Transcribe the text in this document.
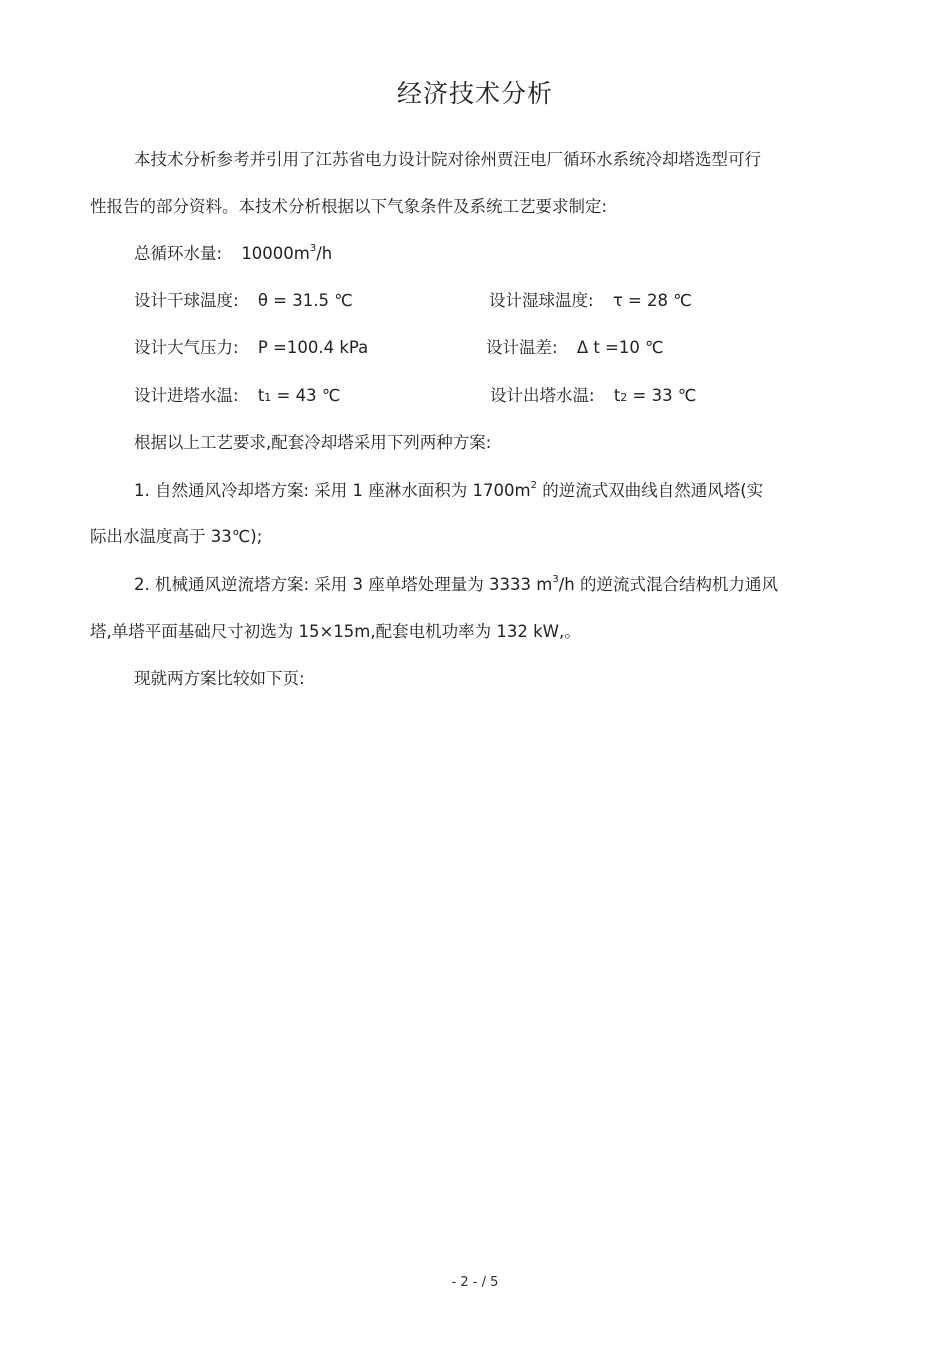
经济技术分析
本技术分析参考并引用了江苏省电力设计院对徐州贾汪电厂循环水系统冷却塔选型可行
性报告的部分资料。本技术分析根据以下气象条件及系统工艺要求制定:
总循环水量: $10000m^3/h$
设计干球温度: θ = 31.5 ℃	设计湿球温度: τ = 28 ℃
设计大气压力: P =100.4 kPa	设计温差: Δ t =10 ℃
设计进塔水温: t1 = 43 ℃	设计出塔水温: t2 = 33 ℃
根据以上工艺要求,配套冷却塔采用下列两种方案:
1. 自然通风冷却塔方案: 采用 1 座淋水面积为 $1700m^2$ 的逆流式双曲线自然通风塔(实
际出水温度高于 33℃);
2. 机械通风逆流塔方案: 采用 3 座单塔处理量为 3333 $m^3/h$ 的逆流式混合结构机力通风
塔,单塔平面基础尺寸初选为 15×15m,配套电机功率为 132 kW,。
现就两方案比较如下页:
- 2 - / 5
